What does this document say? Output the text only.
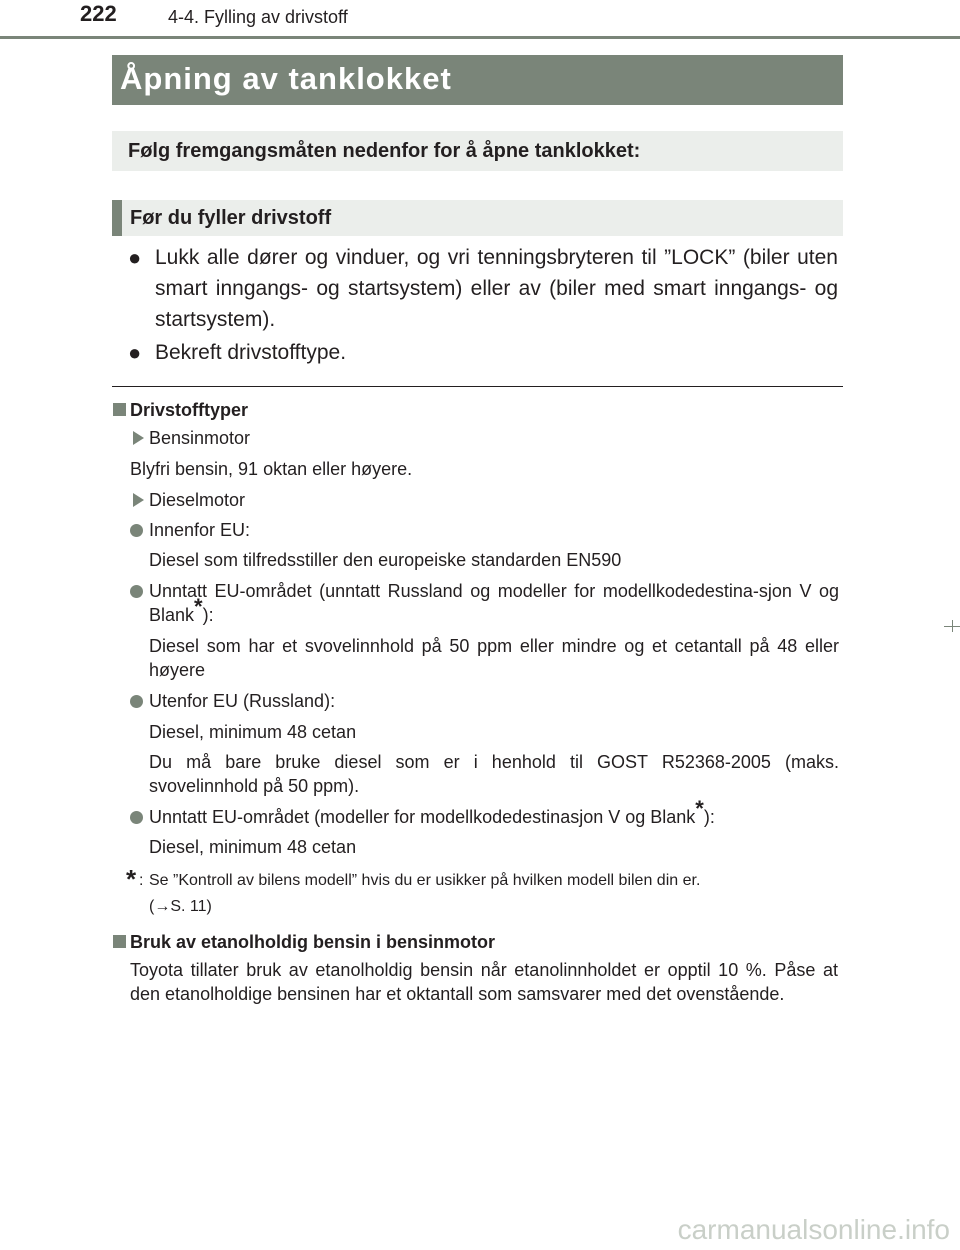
222	4-4. Fylling av drivstoff
Åpning av tanklokket
Følg fremgangsmåten nedenfor for å åpne tanklokket:
Før du fyller drivstoff
● Lukk alle dører og vinduer, og vri tenningsbryteren til ”LOCK” (biler uten smart inngangs- og startsystem) eller av (biler med smart inngangs- og startsystem).
● Bekreft drivstofftype.
Drivstofftyper
Bensinmotor
Blyfri bensin, 91 oktan eller høyere.
Dieselmotor
Innenfor EU:
Diesel som tilfredsstiller den europeiske standarden EN590
Unntatt EU-området (unntatt Russland og modeller for modellkodedestina-sjon V og Blank*):
Diesel som har et svovelinnhold på 50 ppm eller mindre og et cetantall på 48 eller høyere
Utenfor EU (Russland):
Diesel, minimum 48 cetan
Du må bare bruke diesel som er i henhold til GOST R52368-2005 (maks. svovelinnhold på 50 ppm).
Unntatt EU-området (modeller for modellkodedestinasjon V og Blank*):
Diesel, minimum 48 cetan
* : Se ”Kontroll av bilens modell” hvis du er usikker på hvilken modell bilen din er.
(→S. 11)
Bruk av etanolholdig bensin i bensinmotor
Toyota tillater bruk av etanolholdig bensin når etanolinnholdet er opptil 10 %. Påse at den etanolholdige bensinen har et oktantall som samsvarer med det ovenstående.
carmanualsonline.info
